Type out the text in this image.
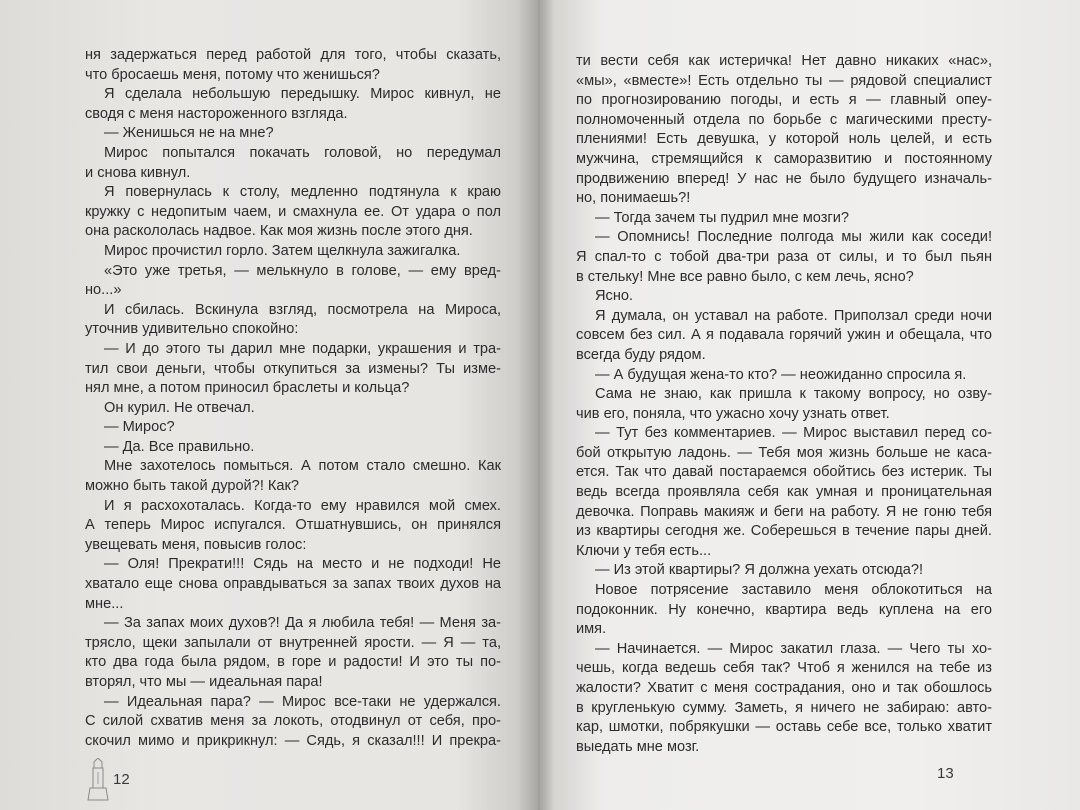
ня задержаться перед работой для того, чтобы сказать,
что бросаешь меня, потому что женишься?
Я сделала небольшую передышку. Мирос кивнул, не
сводя с меня настороженного взгляда.
— Женишься не на мне?
Мирос попытался покачать головой, но передумал
и снова кивнул.
Я повернулась к столу, медленно подтянула к краю
кружку с недопитым чаем, и смахнула ее. От удара о пол
она раскололась надвое. Как моя жизнь после этого дня.
Мирос прочистил горло. Затем щелкнула зажигалка.
«Это уже третья, — мелькнуло в голове, — ему вред-
но...»
И сбилась. Вскинула взгляд, посмотрела на Мироса,
уточнив удивительно спокойно:
— И до этого ты дарил мне подарки, украшения и тра-
тил свои деньги, чтобы откупиться за измены? Ты изме-
нял мне, а потом приносил браслеты и кольца?
Он курил. Не отвечал.
— Мирос?
— Да. Все правильно.
Мне захотелось помыться. А потом стало смешно. Как
можно быть такой дурой?! Как?
И я расхохоталась. Когда-то ему нравился мой смех.
А теперь Мирос испугался. Отшатнувшись, он принялся
увещевать меня, повысив голос:
— Оля! Прекрати!!! Сядь на место и не подходи! Не
хватало еще снова оправдываться за запах твоих духов на
мне...
— За запах моих духов?! Да я любила тебя! — Меня за-
трясло, щеки запылали от внутренней ярости. — Я — та,
кто два года была рядом, в горе и радости! И это ты по-
вторял, что мы — идеальная пара!
— Идеальная пара? — Мирос все-таки не удержался.
С силой схватив меня за локоть, отодвинул от себя, про-
скочил мимо и прикрикнул: — Сядь, я сказал!!! И прекра-
ти вести себя как истеричка! Нет давно никаких «нас»,
«мы», «вместе»! Есть отдельно ты — рядовой специалист
по прогнозированию погоды, и есть я — главный опеу-
полномоченный отдела по борьбе с магическими престу-
плениями! Есть девушка, у которой ноль целей, и есть
мужчина, стремящийся к саморазвитию и постоянному
продвижению вперед! У нас не было будущего изначаль-
но, понимаешь?!
— Тогда зачем ты пудрил мне мозги?
— Опомнись! Последние полгода мы жили как соседи!
Я спал-то с тобой два-три раза от силы, и то был пьян
в стельку! Мне все равно было, с кем лечь, ясно?
Ясно.
Я думала, он уставал на работе. Приползал среди ночи
совсем без сил. А я подавала горячий ужин и обещала, что
всегда буду рядом.
— А будущая жена-то кто? — неожиданно спросила я.
Сама не знаю, как пришла к такому вопросу, но озву-
чив его, поняла, что ужасно хочу узнать ответ.
— Тут без комментариев. — Мирос выставил перед со-
бой открытую ладонь. — Тебя моя жизнь больше не каса-
ется. Так что давай постараемся обойтись без истерик. Ты
ведь всегда проявляла себя как умная и проницательная
девочка. Поправь макияж и беги на работу. Я не гоню тебя
из квартиры сегодня же. Соберешься в течение пары дней.
Ключи у тебя есть...
— Из этой квартиры? Я должна уехать отсюда?!
Новое потрясение заставило меня облокотиться на
подоконник. Ну конечно, квартира ведь куплена на его
имя.
— Начинается. — Мирос закатил глаза. — Чего ты хо-
чешь, когда ведешь себя так? Чтоб я женился на тебе из
жалости? Хватит с меня сострадания, оно и так обошлось
в кругленькую сумму. Заметь, я ничего не забираю: авто-
кар, шмотки, побрякушки — оставь себе все, только хватит
выедать мне мозг.
12	13
